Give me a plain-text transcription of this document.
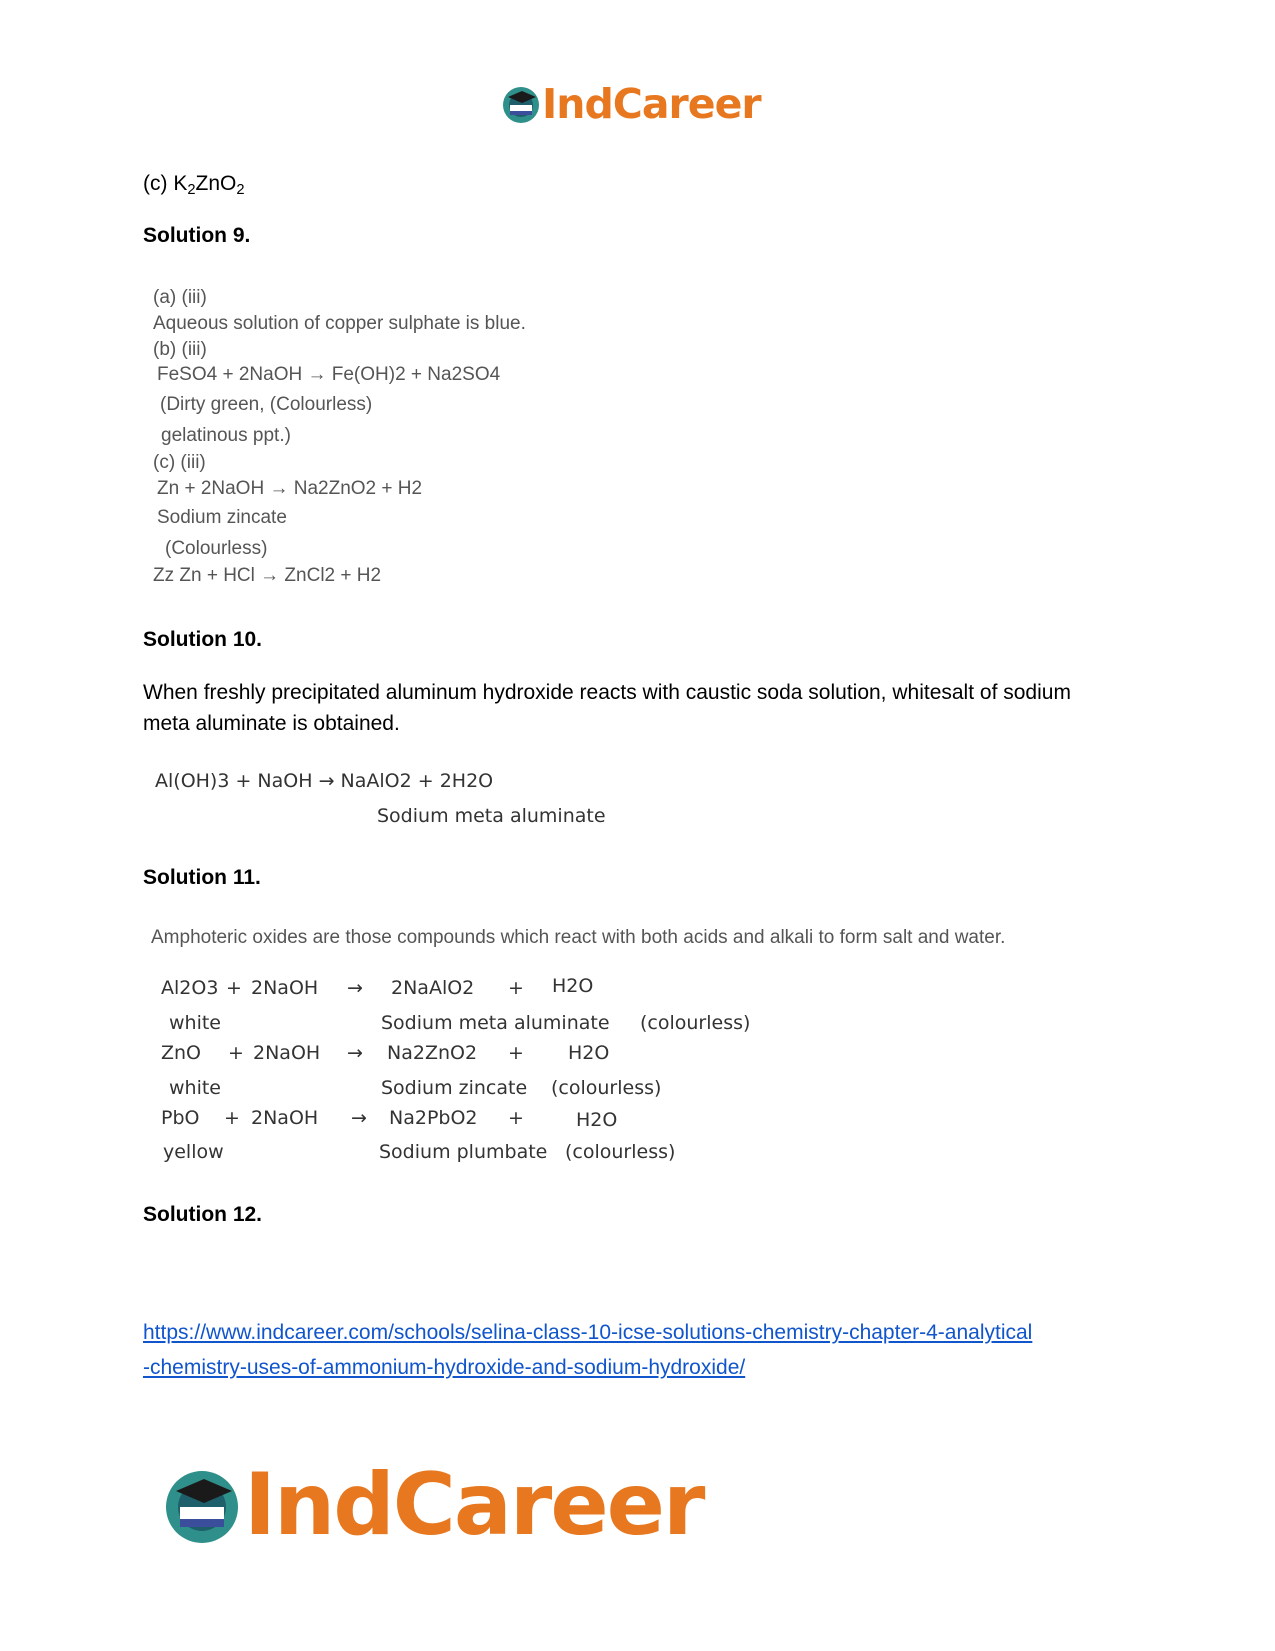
IndCareer
(c) $K_2ZnO_2$
Solution 9.
(a) (iii)
Aqueous solution of copper sulphate is blue.
(b) (iii)
FeSO4 + 2NaOH → Fe(OH)2 + Na2SO4
(Dirty green, (Colourless)
gelatinous ppt.)
(c) (iii)
Zn + 2NaOH → Na2ZnO2 + H2
Sodium zincate
(Colourless)
Zz Zn + HCl → ZnCl2 + H2
Solution 10.
When freshly precipitated aluminum hydroxide reacts with caustic soda solution, whitesalt of sodium meta aluminate is obtained.
Al(OH)3 + NaOH → NaAlO2 + 2H2O
Sodium meta aluminate
Solution 11.
Amphoteric oxides are those compounds which react with both acids and alkali to form salt and water.
Al2O3 + 2NaOH → 2NaAlO2 + H2O
white	Sodium meta aluminate (colourless)
ZnO + 2NaOH → Na2ZnO2 + H2O
white	Sodium zincate (colourless)
PbO + 2NaOH → Na2PbO2 +	H2O
yellow	Sodium plumbate (colourless)
Solution 12.
https://www.indcareer.com/schools/selina-class-10-icse-solutions-chemistry-chapter-4-analytical
-chemistry-uses-of-ammonium-hydroxide-and-sodium-hydroxide/
IndCareer
